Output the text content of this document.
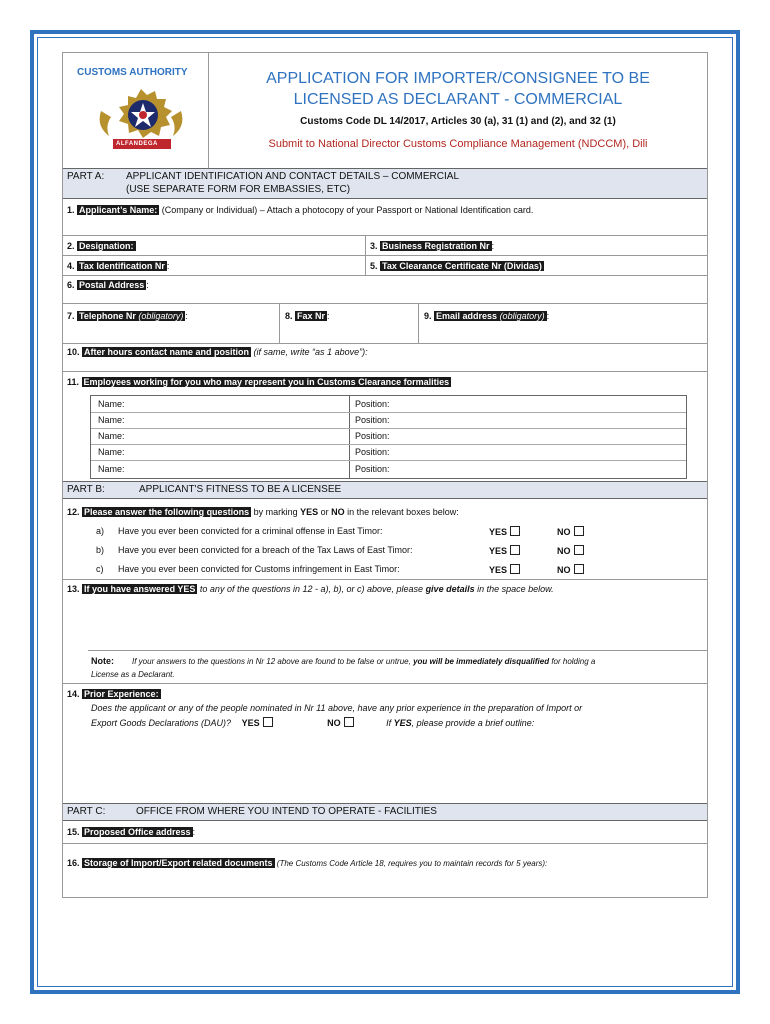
CUSTOMS AUTHORITY
ALFANDEGA
APPLICATION FOR IMPORTER/CONSIGNEE TO BE
LICENSED AS DECLARANT - COMMERCIAL
Customs Code DL 14/2017, Articles 30 (a), 31 (1) and (2), and 32 (1)
Submit to National Director Customs Compliance Management (NDCCM), Dili
PART A: APPLICANT IDENTIFICATION AND CONTACT DETAILS – COMMERCIAL
(USE SEPARATE FORM FOR EMBASSIES, ETC)
1. Applicant’s Name: (Company or Individual) – Attach a photocopy of your Passport or National Identification card.
2. Designation:	3. Business Registration Nr :
4. Tax Identification Nr :	5. Tax Clearance Certificate Nr (Dividas)
6. Postal Address :
7. Telephone Nr (obligatory) :	8. Fax Nr :	9. Email address (obligatory) :
10. After hours contact name and position (if same, write “as 1 above”):
11. Employees working for you who may represent you in Customs Clearance formalities
Name:	Position:
Name:	Position:
Name:	Position:
Name:	Position:
Name:	Position:
PART B:	APPLICANT'S FITNESS TO BE A LICENSEE
12. Please answer the following questions by marking YES or NO in the relevant boxes below:
a) Have you ever been convicted for a criminal offense in East Timor:	YES	NO
b) Have you ever been convicted for a breach of the Tax Laws of East Timor:	YES	NO
c) Have you ever been convicted for Customs infringement in East Timor:	YES	NO
13. If you have answered YES to any of the questions in 12 - a), b), or c) above, please give details in the space below.
Note: If your answers to the questions in Nr 12 above are found to be false or untrue, you will be immediately disqualified for holding a
License as a Declarant.
14. Prior Experience:
Does the applicant or any of the people nominated in Nr 11 above, have any prior experience in the preparation of Import or
Export Goods Declarations (DAU)? YES	NO	If YES, please provide a brief outline:
PART C:	OFFICE FROM WHERE YOU INTEND TO OPERATE - FACILITIES
15. Proposed Office address :
16. Storage of Import/Export related documents (The Customs Code Article 18, requires you to maintain records for 5 years):
